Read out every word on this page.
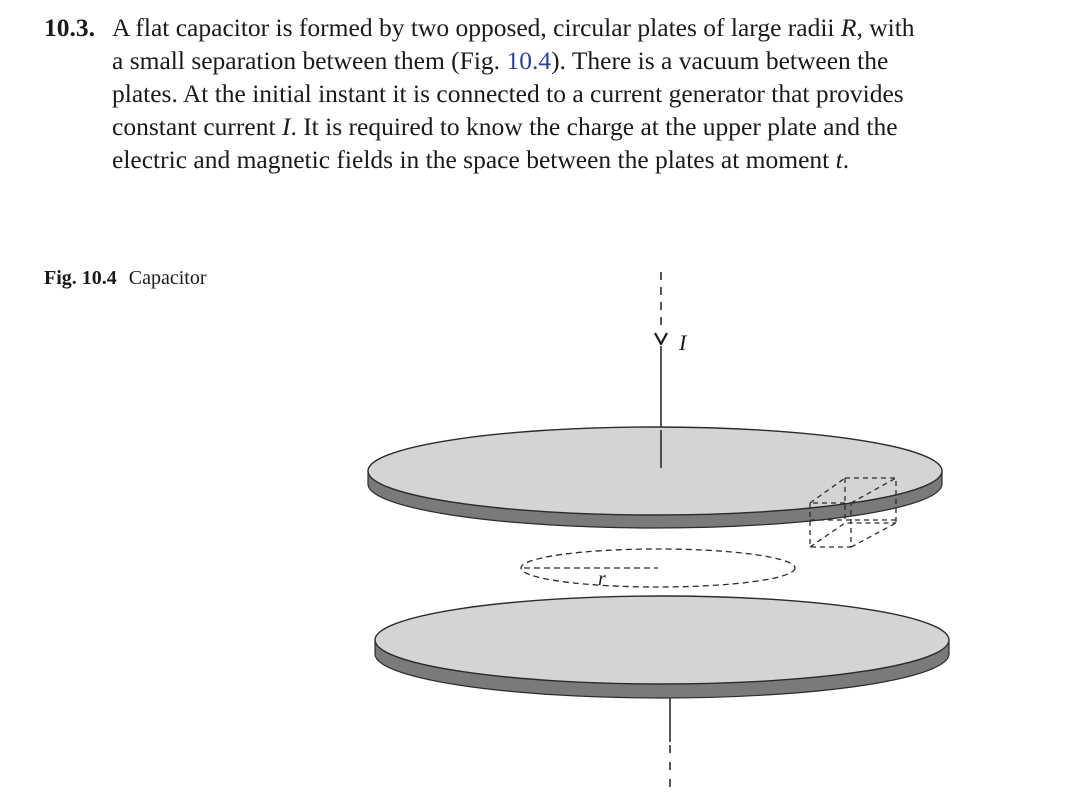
10.3. A flat capacitor is formed by two opposed, circular plates of large radii R, with
a small separation between them (Fig. 10.4). There is a vacuum between the
plates. At the initial instant it is connected to a current generator that provides
constant current I. It is required to know the charge at the upper plate and the
electric and magnetic fields in the space between the plates at moment t.
Fig. 10.4 Capacitor
I
r
